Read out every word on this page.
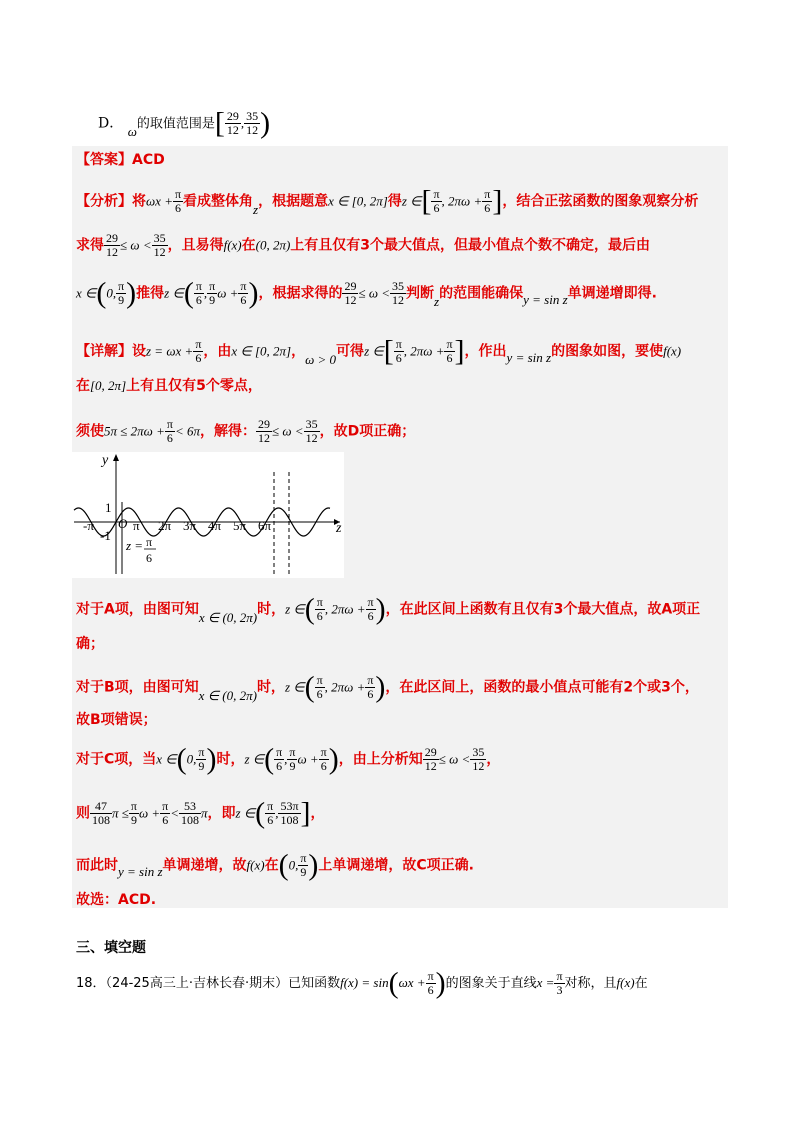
D． ω的取值范围是[ $\frac{29}{12}$ , $\frac{35}{12}$ )
【答案】ACD
【分析】将$\omega x + \frac{\pi}{6}$ 看成整体角z，根据题意x ∈ [0, 2π]得z ∈[ $\frac{\pi}{6}$ , $2\pi\omega + \frac{\pi}{6}$ ]，结合正弦函数的图象观察分析
求得 $\frac{29}{12} \le \omega < \frac{35}{12}$ ，且易得f(x)在(0, 2π)上有且仅有3个最大值点，但最小值点个数不确定，最后由
x ∈(0, $\frac{\pi}{9}$ )推得z ∈( $\frac{\pi}{6}$ , $\frac{\pi}{9}$ $\omega + \frac{\pi}{6}$ )，根据求得的 $\frac{29}{12} \le \omega < \frac{35}{12}$ 判断z的范围能确保y = sin z单调递增即得.
【详解】设$z = \omega x + \frac{\pi}{6}$ ，由x ∈ [0, 2π]，ω > 0可得z ∈[ $\frac{\pi}{6}$ , $2\pi\omega + \frac{\pi}{6}$ ]，作出y = sin z的图象如图，要使f(x)
在[0, 2π]上有且仅有5个零点，
须使$5\pi \le 2\pi\omega + \frac{\pi}{6} < 6\pi$，解得： $\frac{29}{12} \le \omega < \frac{35}{12}$ ，故D项正确；
y
z
1
-1
O
-π	π 2π 3π 4π 5π 6π
z = π
6
对于A项，由图可知x ∈ (0, 2π)时，z ∈( $\frac{\pi}{6}$ , $2\pi\omega + \frac{\pi}{6}$ )，在此区间上函数有且仅有3个最大值点，故A项正
确；
对于B项，由图可知x ∈ (0, 2π)时，z ∈( $\frac{\pi}{6}$ , $2\pi\omega + \frac{\pi}{6}$ )，在此区间上，函数的最小值点可能有2个或3个，
故B项错误；
对于C项，当x ∈(0, $\frac{\pi}{9}$ )时，z ∈( $\frac{\pi}{6}$ , $\frac{\pi}{9}$ $\omega + \frac{\pi}{6}$ )，由上分析知 $\frac{29}{12} \le \omega < \frac{35}{12}$ ，
则 $\frac{47}{108}$ $\pi \le \frac{\pi}{9}$ $\omega + \frac{\pi}{6} < \frac{53}{108}$ π，即z ∈( $\frac{\pi}{6}$ , $\frac{53\pi}{108}$ ]，
而此时y = sin z单调递增，故f(x)在(0, $\frac{\pi}{9}$ )上单调递增，故C项正确.
故选：ACD.
三、填空题
18．（24-25高三上·吉林长春·期末）已知函数$f(x) = \sin(\omega x + \frac{\pi}{6}$ )的图象关于直线$x = \frac{\pi}{3}$ 对称，且f(x)在
